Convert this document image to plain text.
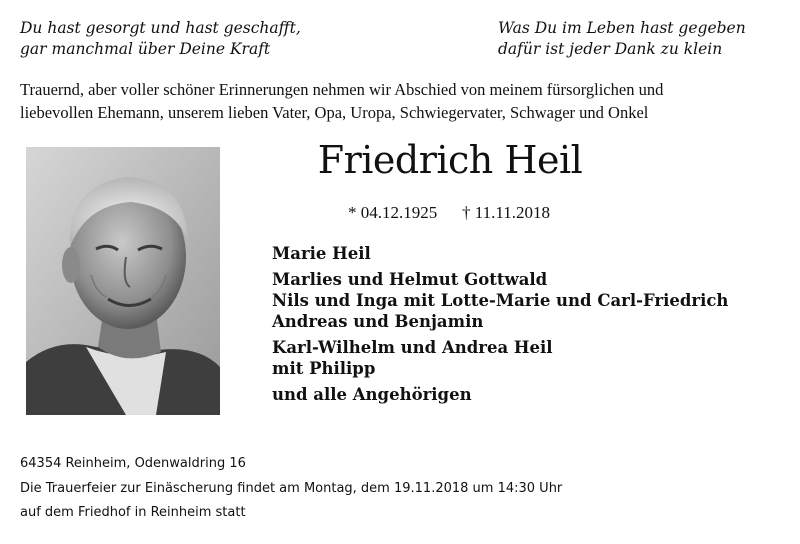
Du hast gesorgt und hast geschafft,
gar manchmal über Deine Kraft
Was Du im Leben hast gegeben
dafür ist jeder Dank zu klein
Trauernd, aber voller schöner Erinnerungen nehmen wir Abschied von meinem fürsorglichen und
liebevollen Ehemann, unserem lieben Vater, Opa, Uropa, Schwiegervater, Schwager und Onkel
Friedrich Heil
* 04.12.1925 † 11.11.2018
Marie Heil
Marlies und Helmut Gottwald
Nils und Inga mit Lotte-Marie und Carl-Friedrich
Andreas und Benjamin
Karl-Wilhelm und Andrea Heil
mit Philipp
und alle Angehörigen
64354 Reinheim, Odenwaldring 16
Die Trauerfeier zur Einäscherung findet am Montag, dem 19.11.2018 um 14:30 Uhr
auf dem Friedhof in Reinheim statt
